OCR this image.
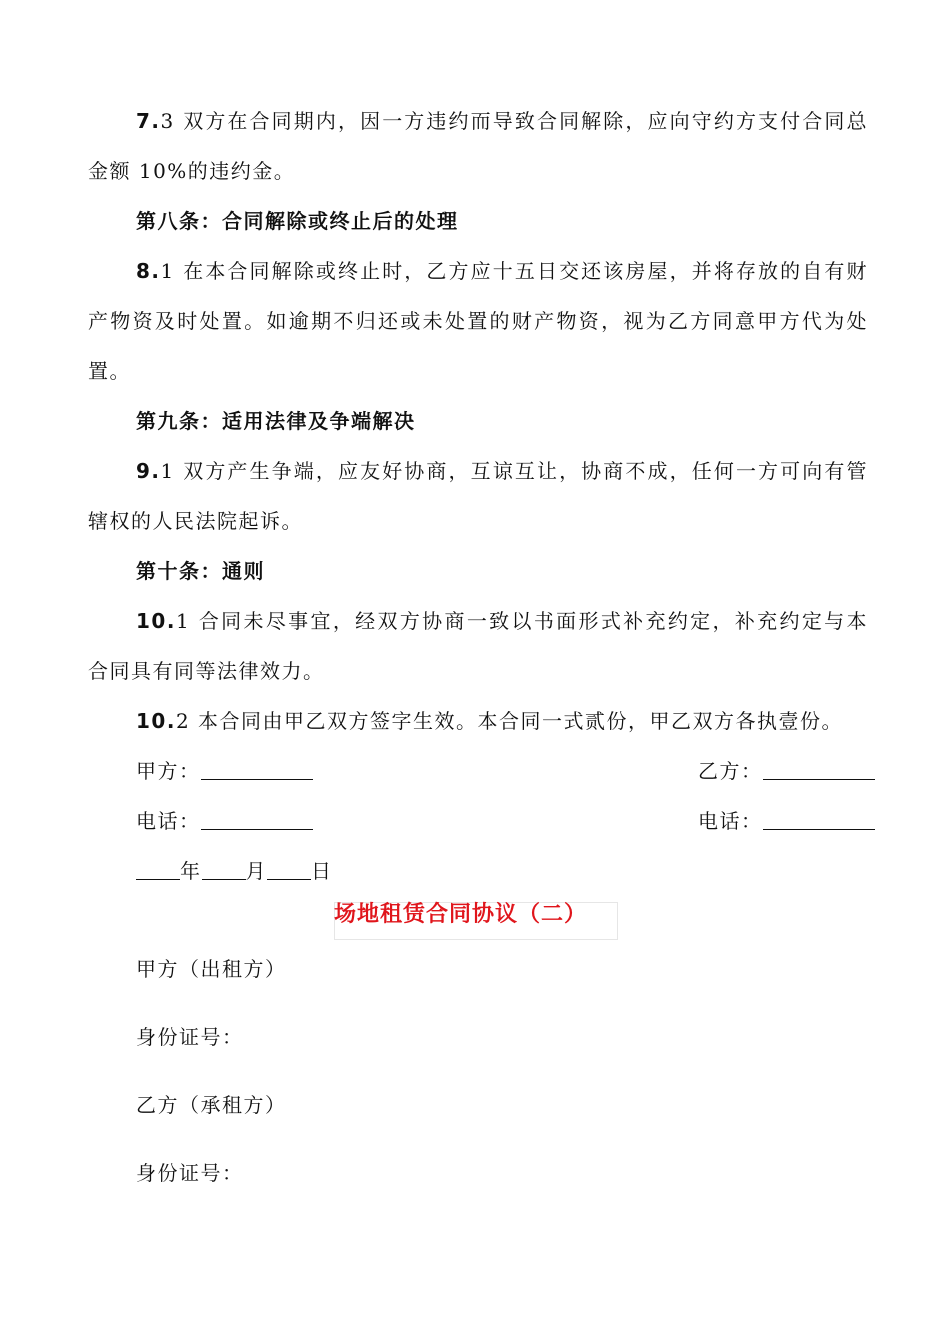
7.3 双方在合同期内，因一方违约而导致合同解除，应向守约方支付合同总
金额 10%的违约金。
第八条：合同解除或终止后的处理
8.1 在本合同解除或终止时，乙方应十五日交还该房屋，并将存放的自有财
产物资及时处置。如逾期不归还或未处置的财产物资，视为乙方同意甲方代为处
置。
第九条：适用法律及争端解决
9.1 双方产生争端，应友好协商，互谅互让，协商不成，任何一方可向有管
辖权的人民法院起诉。
第十条：通则
10.1 合同未尽事宜，经双方协商一致以书面形式补充约定，补充约定与本
合同具有同等法律效力。
10.2 本合同由甲乙双方签字生效。本合同一式贰份，甲乙双方各执壹份。
甲方：	乙方：
电话：	电话：
年 月 日
场地租赁合同协议（二）
甲方（出租方）
身份证号：
乙方（承租方）
身份证号：
